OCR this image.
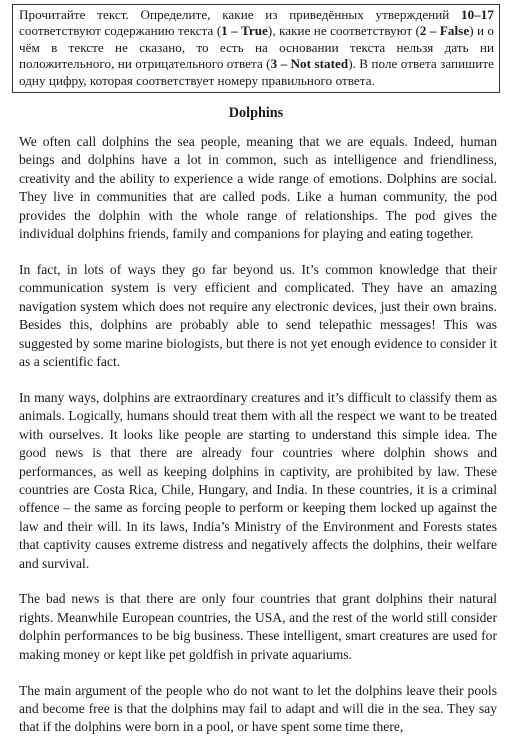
Прочитайте текст. Определите, какие из приведённых утверждений 10–17 соответствуют содержанию текста (1 – True), какие не соответствуют (2 – False) и о чём в тексте не сказано, то есть на основании текста нельзя дать ни положительного, ни отрицательного ответа (3 – Not stated). В поле ответа запишите одну цифру, которая соответствует номеру правильного ответа.
Dolphins

We often call dolphins the sea people, meaning that we are equals. Indeed, human beings and dolphins have a lot in common, such as intelligence and friendliness, creativity and the ability to experience a wide range of emotions. Dolphins are social. They live in communities that are called pods. Like a human community, the pod provides the dolphin with the whole range of relationships. The pod gives the individual dolphins friends, family and companions for playing and eating together.

In fact, in lots of ways they go far beyond us. It’s common knowledge that their communication system is very efficient and complicated. They have an amazing navigation system which does not require any electronic devices, just their own brains. Besides this, dolphins are probably able to send telepathic messages! This was suggested by some marine biologists, but there is not yet enough evidence to consider it as a scientific fact.

In many ways, dolphins are extraordinary creatures and it’s difficult to classify them as animals. Logically, humans should treat them with all the respect we want to be treated with ourselves. It looks like people are starting to understand this simple idea. The good news is that there are already four countries where dolphin shows and performances, as well as keeping dolphins in captivity, are prohibited by law. These countries are Costa Rica, Chile, Hungary, and India. In these countries, it is a criminal offence – the same as forcing people to perform or keeping them locked up against the law and their will. In its laws, India’s Ministry of the Environment and Forests states that captivity causes extreme distress and negatively affects the dolphins, their welfare and survival.

The bad news is that there are only four countries that grant dolphins their natural rights. Meanwhile European countries, the USA, and the rest of the world still consider dolphin performances to be big business. These intelligent, smart creatures are used for making money or kept like pet goldfish in private aquariums.

The main argument of the people who do not want to let the dolphins leave their pools and become free is that the dolphins may fail to adapt and will die in the sea. They say that if the dolphins were born in a pool, or have spent some time there,
